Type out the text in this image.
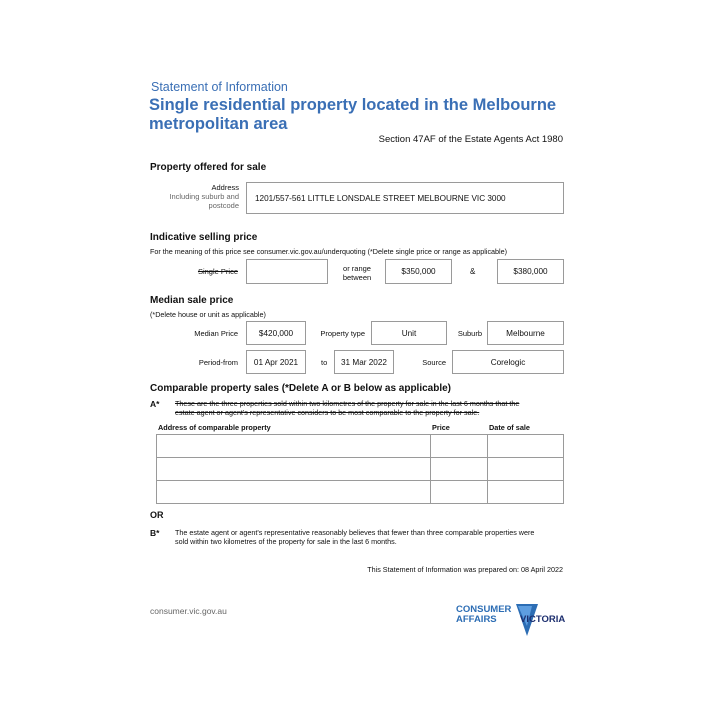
Statement of Information
Single residential property located in the Melbourne metropolitan area
Section 47AF of the Estate Agents Act 1980
Property offered for sale
Address
Including suburb and
postcode
1201/557-561 LITTLE LONSDALE STREET MELBOURNE VIC 3000
Indicative selling price
For the meaning of this price see consumer.vic.gov.au/underquoting (*Delete single price or range as applicable)
Single Price	or range
between
$350,000	&	$380,000
Median sale price
(*Delete house or unit as applicable)
Median Price	$420,000	Property type	Unit	Suburb	Melbourne
Period-from	01 Apr 2021	to	31 Mar 2022	Source	Corelogic
Comparable property sales (*Delete A or B below as applicable)
A* These are the three properties sold within two kilometres of the property for sale in the last 6 months that the
estate agent or agent's representative considers to be most comparable to the property for sale.
Address of comparable property	Price	Date of sale

OR
B* The estate agent or agent's representative reasonably believes that fewer than three comparable properties were
sold within two kilometres of the property for sale in the last 6 months.
This Statement of Information was prepared on: 08 April 2022
consumer.vic.gov.au	CONSUMER
AFFAIRS VICTORIA
